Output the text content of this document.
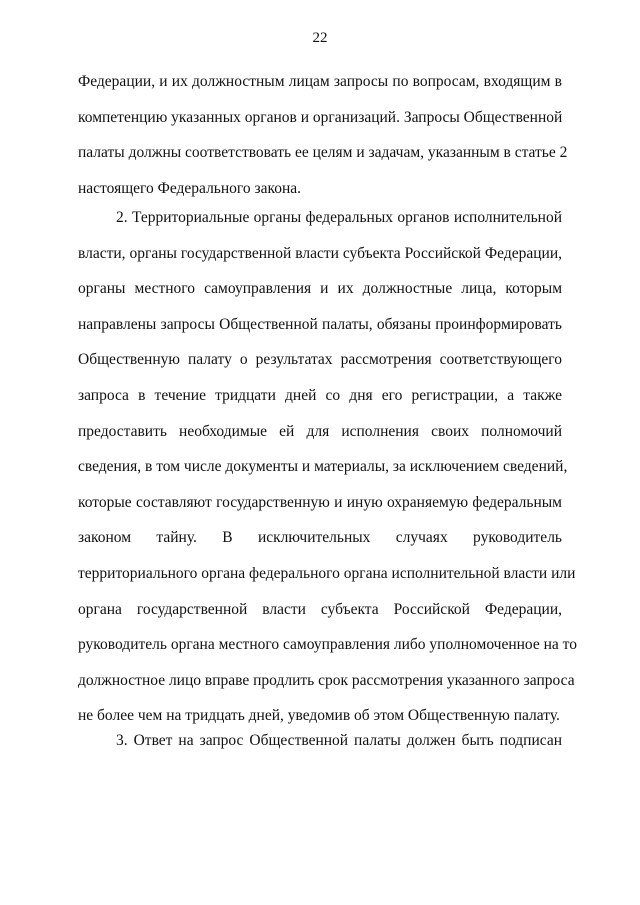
22
Федерации, и их должностным лицам запросы по вопросам, входящим в
компетенцию указанных органов и организаций. Запросы Общественной
палаты должны соответствовать ее целям и задачам, указанным в статье 2
настоящего Федерального закона.
2. Территориальные органы федеральных органов исполнительной
власти, органы государственной власти субъекта Российской Федерации,
органы местного самоуправления и их должностные лица, которым
направлены запросы Общественной палаты, обязаны проинформировать
Общественную палату о результатах рассмотрения соответствующего
запроса в течение тридцати дней со дня его регистрации, а также
предоставить необходимые ей для исполнения своих полномочий
сведения, в том числе документы и материалы, за исключением сведений,
которые составляют государственную и иную охраняемую федеральным
законом тайну. В исключительных случаях руководитель
территориального органа федерального органа исполнительной власти или
органа государственной власти субъекта Российской Федерации,
руководитель органа местного самоуправления либо уполномоченное на то
должностное лицо вправе продлить срок рассмотрения указанного запроса
не более чем на тридцать дней, уведомив об этом Общественную палату.
3. Ответ на запрос Общественной палаты должен быть подписан
